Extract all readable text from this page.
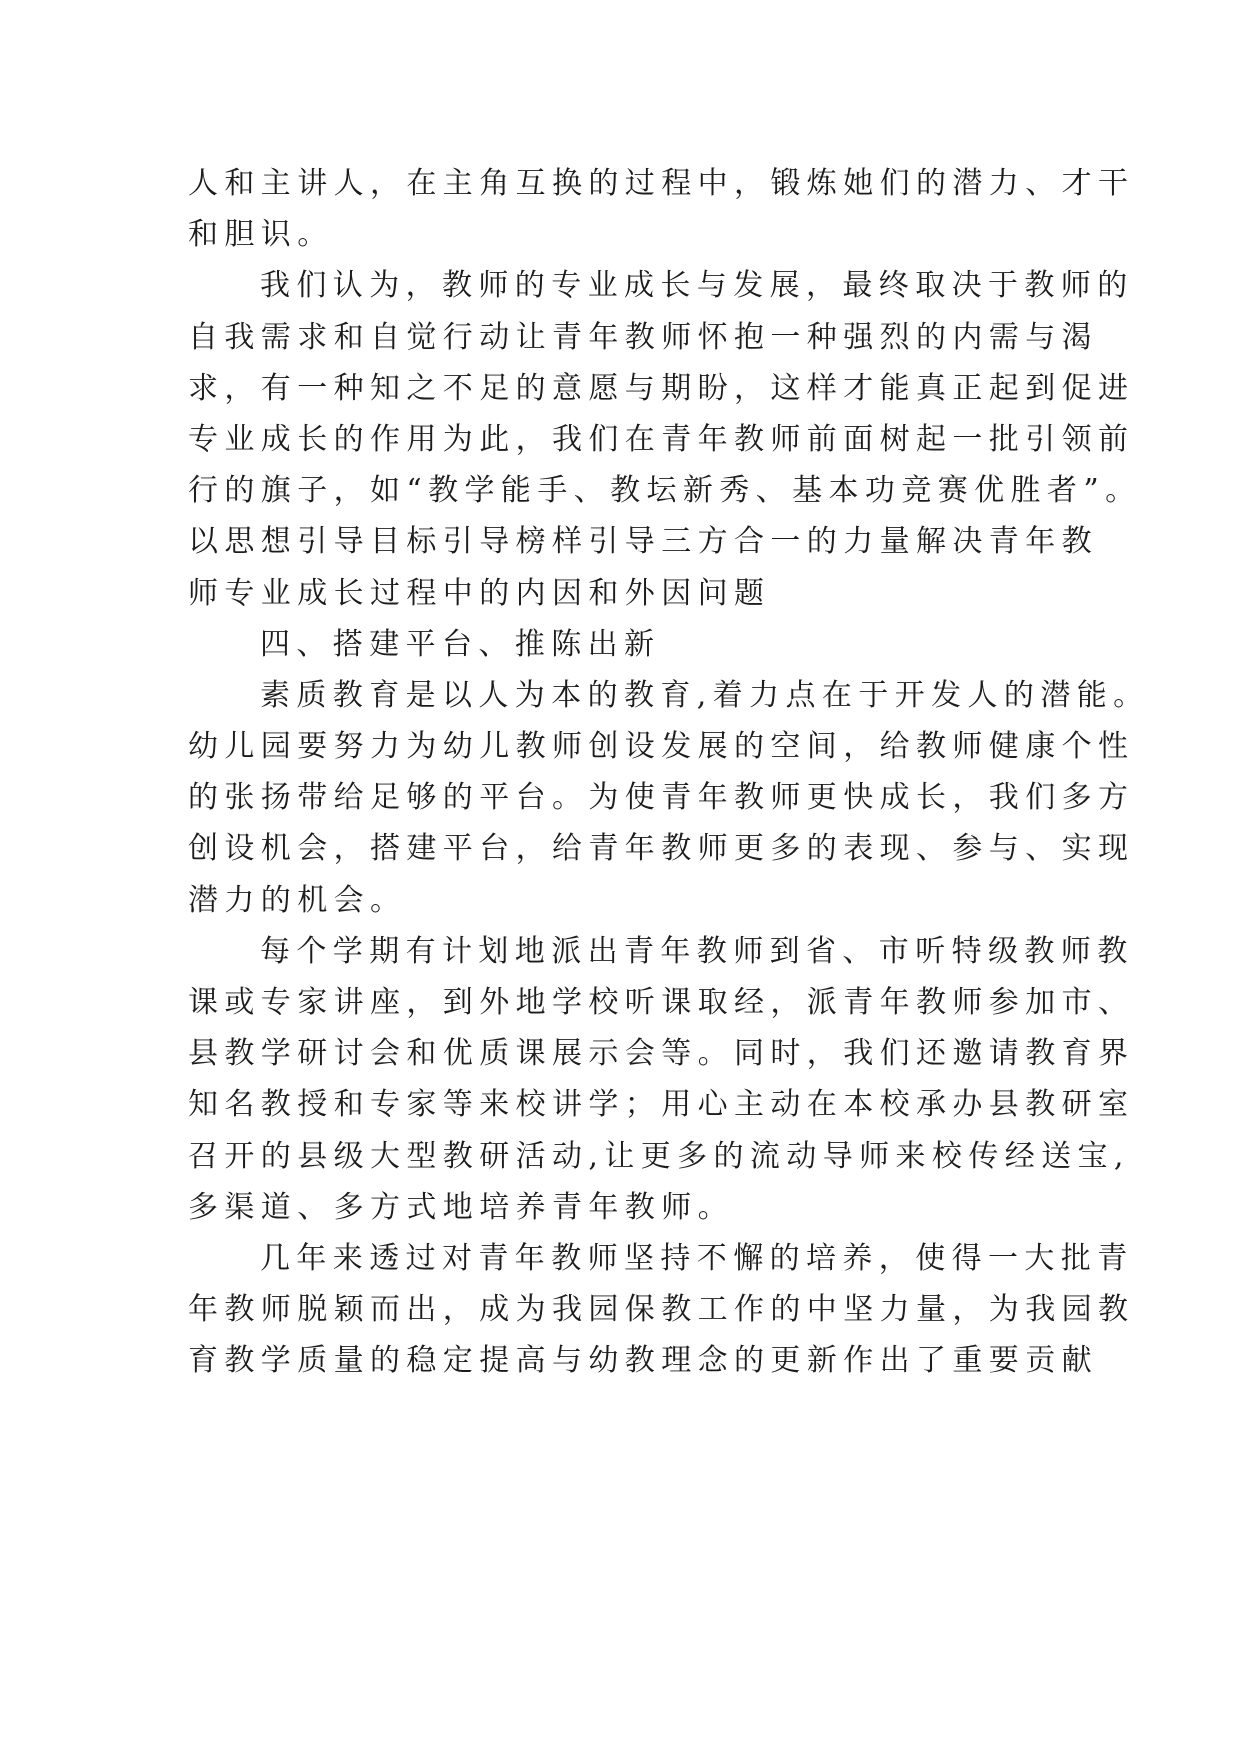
人和主讲人，在主角互换的过程中，锻炼她们的潜力、才干
和胆识。
我们认为，教师的专业成长与发展，最终取决于教师的
自我需求和自觉行动让青年教师怀抱一种强烈的内需与渴
求，有一种知之不足的意愿与期盼，这样才能真正起到促进
专业成长的作用为此，我们在青年教师前面树起一批引领前
行的旗子，如“教学能手、教坛新秀、基本功竞赛优胜者”。
以思想引导目标引导榜样引导三方合一的力量解决青年教
师专业成长过程中的内因和外因问题
四、搭建平台、推陈出新
素质教育是以人为本的教育,着力点在于开发人的潜能。
幼儿园要努力为幼儿教师创设发展的空间，给教师健康个性
的张扬带给足够的平台。为使青年教师更快成长，我们多方
创设机会，搭建平台，给青年教师更多的表现、参与、实现
潜力的机会。
每个学期有计划地派出青年教师到省、市听特级教师教
课或专家讲座，到外地学校听课取经，派青年教师参加市、
县教学研讨会和优质课展示会等。同时，我们还邀请教育界
知名教授和专家等来校讲学；用心主动在本校承办县教研室
召开的县级大型教研活动,让更多的流动导师来校传经送宝,
多渠道、多方式地培养青年教师。
几年来透过对青年教师坚持不懈的培养，使得一大批青
年教师脱颖而出，成为我园保教工作的中坚力量，为我园教
育教学质量的稳定提高与幼教理念的更新作出了重要贡献
